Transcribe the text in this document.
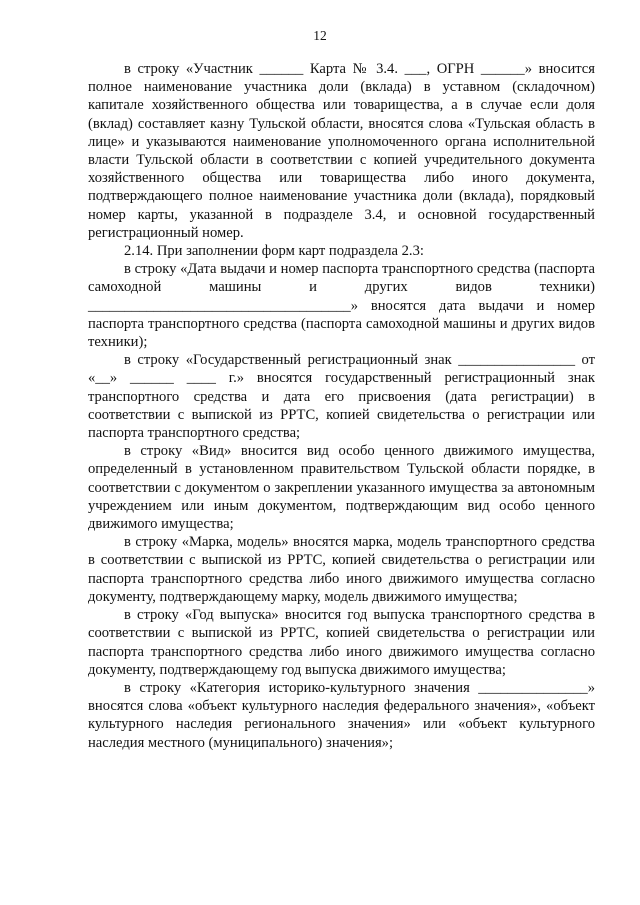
12

в строку «Участник ______ Карта № 3.4. ___, ОГРН ______» вносится полное наименование участника доли (вклада) в уставном (складочном) капитале хозяйственного общества или товарищества, а в случае если доля (вклад) составляет казну Тульской области, вносятся слова «Тульская область в лице» и указываются наименование уполномоченного органа исполнительной власти Тульской области в соответствии с копией учредительного документа хозяйственного общества или товарищества либо иного документа, подтверждающего полное наименование участника доли (вклада), порядковый номер карты, указанной в подразделе 3.4, и основной государственный регистрационный номер.

2.14. При заполнении форм карт подраздела 2.3:

в строку «Дата выдачи и номер паспорта транспортного средства (паспорта самоходной машины и других видов техники) ____________________________________» вносятся дата выдачи и номер паспорта транспортного средства (паспорта самоходной машины и других видов техники);

в строку «Государственный регистрационный знак ________________ от «__» ______ ____ г.» вносятся государственный регистрационный знак транспортного средства и дата его присвоения (дата регистрации) в соответствии с выпиской из РРТС, копией свидетельства о регистрации или паспорта транспортного средства;

в строку «Вид» вносится вид особо ценного движимого имущества, определенный в установленном правительством Тульской области порядке, в соответствии с документом о закреплении указанного имущества за автономным учреждением или иным документом, подтверждающим вид особо ценного движимого имущества;

в строку «Марка, модель» вносятся марка, модель транспортного средства в соответствии с выпиской из РРТС, копией свидетельства о регистрации или паспорта транспортного средства либо иного движимого имущества согласно документу, подтверждающему марку, модель движимого имущества;

в строку «Год выпуска» вносится год выпуска транспортного средства в соответствии с выпиской из РРТС, копией свидетельства о регистрации или паспорта транспортного средства либо иного движимого имущества согласно документу, подтверждающему год выпуска движимого имущества;

в строку «Категория историко-культурного значения _______________» вносятся слова «объект культурного наследия федерального значения», «объект культурного наследия регионального значения» или «объект культурного наследия местного (муниципального) значения»;
